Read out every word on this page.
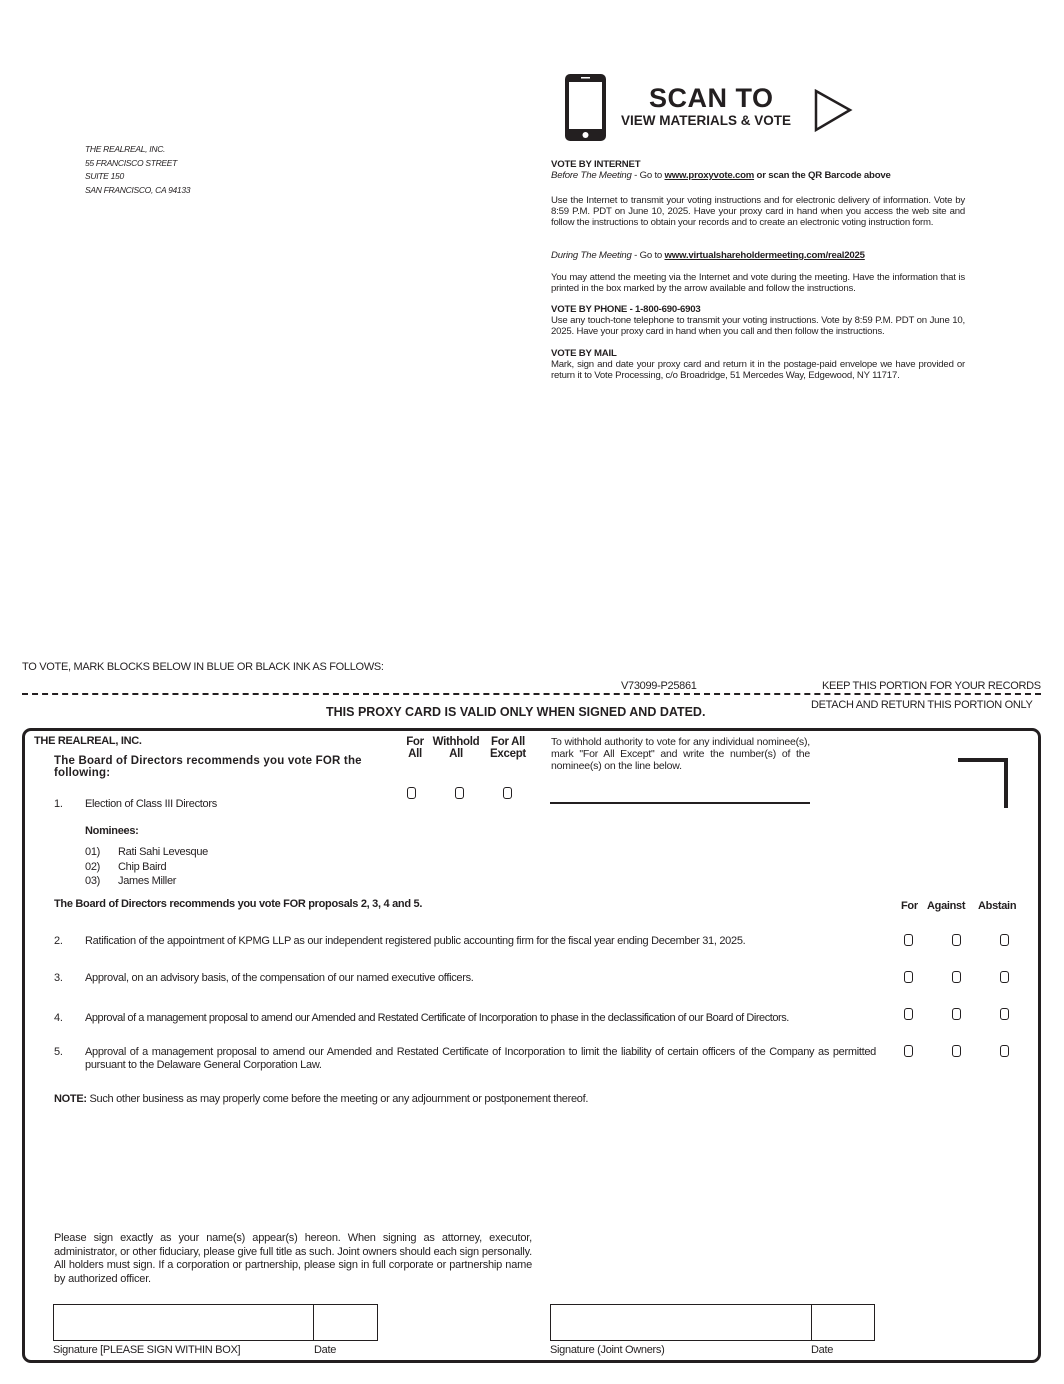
THE REALREAL, INC.
55 FRANCISCO STREET
SUITE 150
SAN FRANCISCO, CA 94133
SCAN TO
VIEW MATERIALS & VOTE
VOTE BY INTERNET
Before The Meeting - Go to www.proxyvote.com or scan the QR Barcode above
Use the Internet to transmit your voting instructions and for electronic delivery of information. Vote by 8:59 P.M. PDT on June 10, 2025. Have your proxy card in hand when you access the web site and follow the instructions to obtain your records and to create an electronic voting instruction form.
During The Meeting - Go to www.virtualshareholdermeeting.com/real2025
You may attend the meeting via the Internet and vote during the meeting. Have the information that is printed in the box marked by the arrow available and follow the instructions.
VOTE BY PHONE - 1-800-690-6903
Use any touch-tone telephone to transmit your voting instructions. Vote by 8:59 P.M. PDT on June 10, 2025. Have your proxy card in hand when you call and then follow the instructions.
VOTE BY MAIL
Mark, sign and date your proxy card and return it in the postage-paid envelope we have provided or return it to Vote Processing, c/o Broadridge, 51 Mercedes Way, Edgewood, NY 11717.
TO VOTE, MARK BLOCKS BELOW IN BLUE OR BLACK INK AS FOLLOWS:
V73099-P25861	KEEP THIS PORTION FOR YOUR RECORDS
DETACH AND RETURN THIS PORTION ONLY
THIS PROXY CARD IS VALID ONLY WHEN SIGNED AND DATED.
THE REALREAL, INC.
The Board of Directors recommends you vote FOR the following:
For All
Withhold All
For All Except
To withhold authority to vote for any individual nominee(s), mark "For All Except" and write the number(s) of the nominee(s) on the line below.
1. Election of Class III Directors
Nominees:
01) Rati Sahi Levesque
02) Chip Baird
03) James Miller
The Board of Directors recommends you vote FOR proposals 2, 3, 4 and 5.	For Against Abstain
2. Ratification of the appointment of KPMG LLP as our independent registered public accounting firm for the fiscal year ending December 31, 2025.
3. Approval, on an advisory basis, of the compensation of our named executive officers.
4. Approval of a management proposal to amend our Amended and Restated Certificate of Incorporation to phase in the declassification of our Board of Directors.
5. Approval of a management proposal to amend our Amended and Restated Certificate of Incorporation to limit the liability of certain officers of the Company as permitted pursuant to the Delaware General Corporation Law.
NOTE: Such other business as may properly come before the meeting or any adjournment or postponement thereof.
Please sign exactly as your name(s) appear(s) hereon. When signing as attorney, executor, administrator, or other fiduciary, please give full title as such. Joint owners should each sign personally. All holders must sign. If a corporation or partnership, please sign in full corporate or partnership name by authorized officer.
Signature [PLEASE SIGN WITHIN BOX]	Date	Signature (Joint Owners)	Date
